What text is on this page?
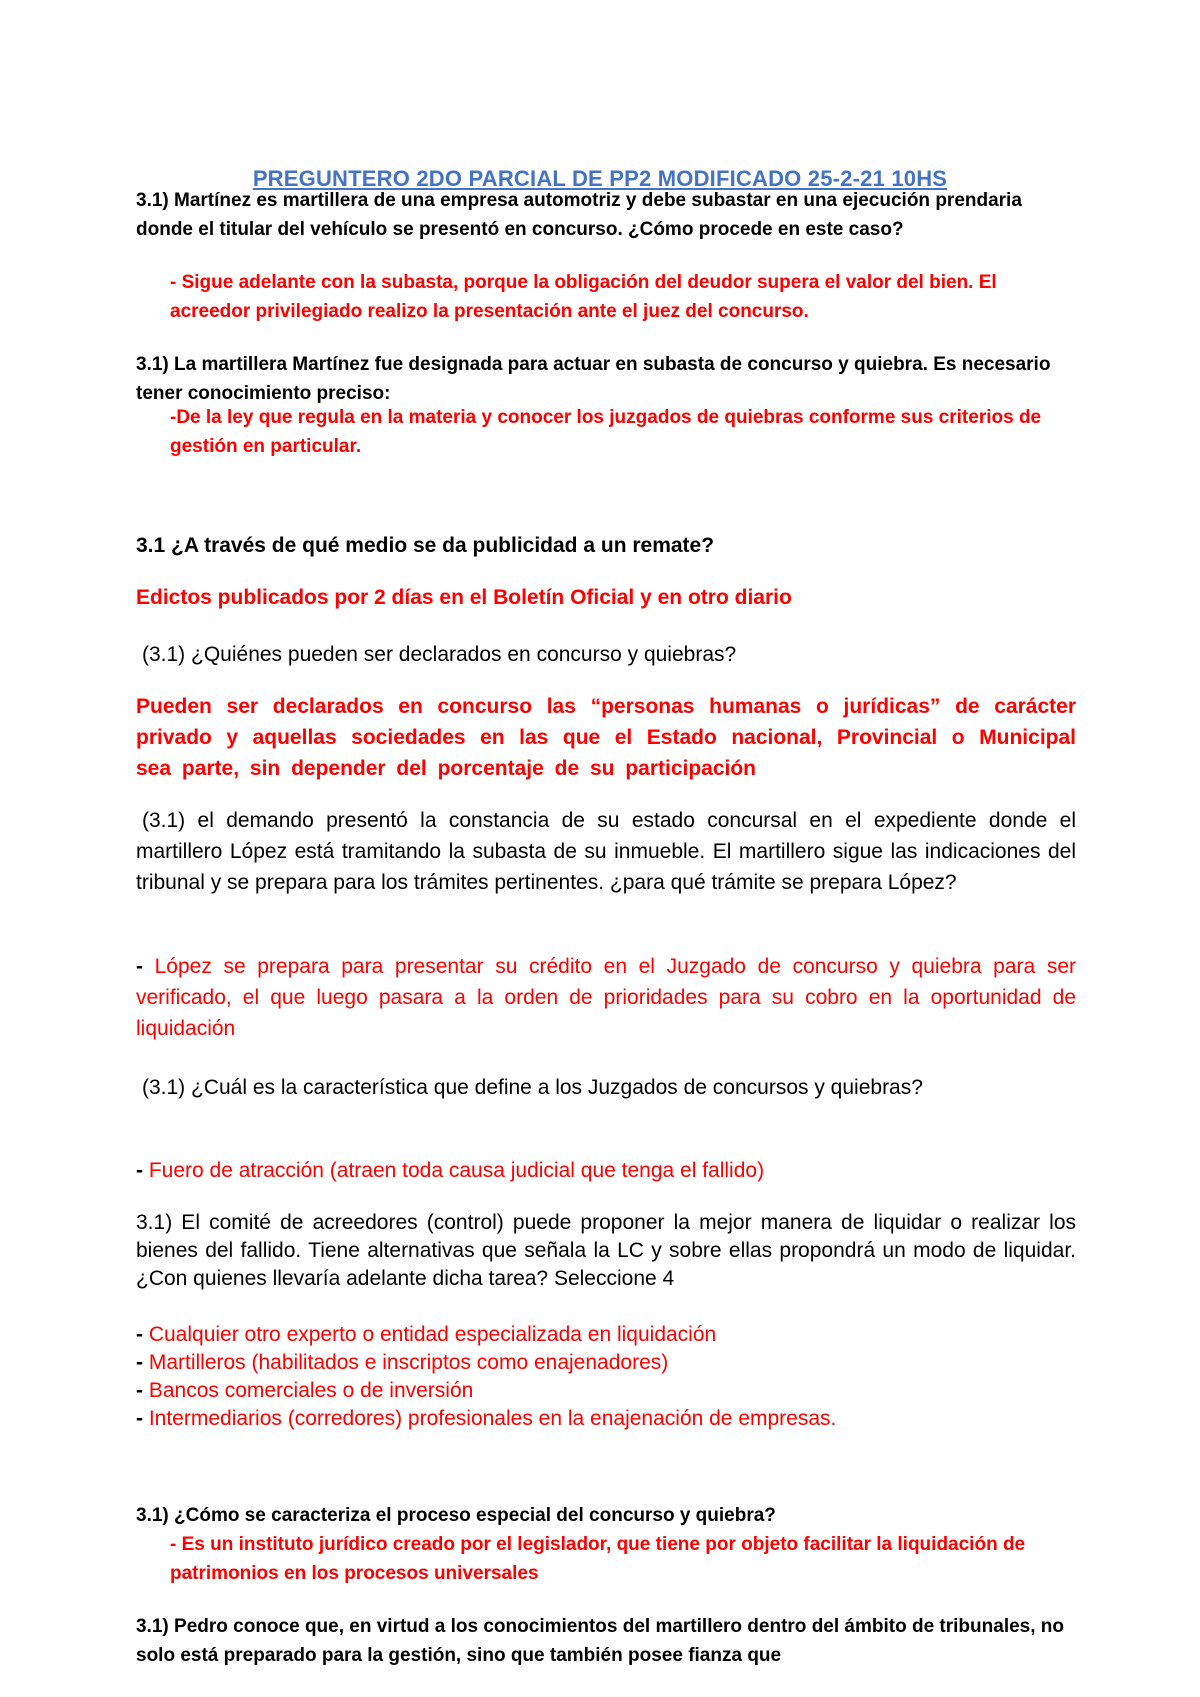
PREGUNTERO 2DO PARCIAL DE PP2 MODIFICADO 25-2-21 10HS

3.1) Martínez es martillera de una empresa automotriz y debe subastar en una ejecución prendaria donde el titular del vehículo se presentó en concurso. ¿Cómo procede en este caso?

- Sigue adelante con la subasta, porque la obligación del deudor supera el valor del bien. El acreedor privilegiado realizo la presentación ante el juez del concurso.

3.1) La martillera Martínez fue designada para actuar en subasta de concurso y quiebra. Es necesario tener conocimiento preciso:

-De la ley que regula en la materia y conocer los juzgados de quiebras conforme sus criterios de gestión en particular.

3.1 ¿A través de qué medio se da publicidad a un remate?

Edictos publicados por 2 días en el Boletín Oficial y en otro diario

(3.1) ¿Quiénes pueden ser declarados en concurso y quiebras?

Pueden ser declarados en concurso las “personas humanas o jurídicas” de carácter privado y aquellas sociedades en las que el Estado nacional, Provincial o Municipal sea parte, sin depender del porcentaje de su participación

(3.1) el demando presentó la constancia de su estado concursal en el expediente donde el martillero López está tramitando la subasta de su inmueble. El martillero sigue las indicaciones del tribunal y se prepara para los trámites pertinentes. ¿para qué trámite se prepara López?

- López se prepara para presentar su crédito en el Juzgado de concurso y quiebra para ser verificado, el que luego pasara a la orden de prioridades para su cobro en la oportunidad de liquidación

(3.1) ¿Cuál es la característica que define a los Juzgados de concursos y quiebras?

- Fuero de atracción (atraen toda causa judicial que tenga el fallido)

3.1) El comité de acreedores (control) puede proponer la mejor manera de liquidar o realizar los bienes del fallido. Tiene alternativas que señala la LC y sobre ellas propondrá un modo de liquidar. ¿Con quienes llevaría adelante dicha tarea? Seleccione 4

- Cualquier otro experto o entidad especializada en liquidación
- Martilleros (habilitados e inscriptos como enajenadores)
- Bancos comerciales o de inversión
- Intermediarios (corredores) profesionales en la enajenación de empresas.

3.1) ¿Cómo se caracteriza el proceso especial del concurso y quiebra?

- Es un instituto jurídico creado por el legislador, que tiene por objeto facilitar la liquidación de patrimonios en los procesos universales

3.1) Pedro conoce que, en virtud a los conocimientos del martillero dentro del ámbito de tribunales, no solo está preparado para la gestión, sino que también posee fianza que
